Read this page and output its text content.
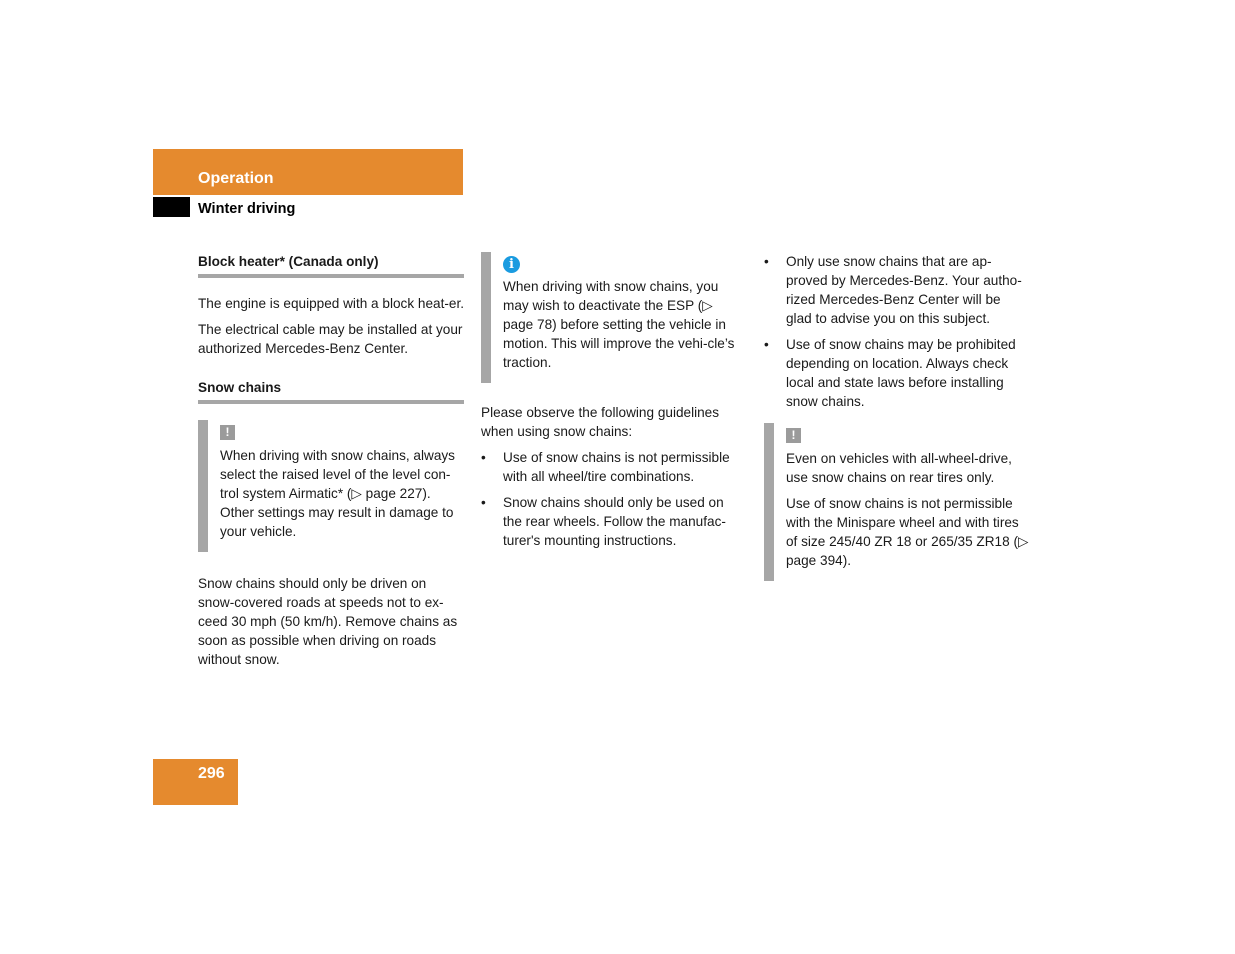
Operation
Winter driving
Block heater* (Canada only)

The engine is equipped with a block heat-er.

The electrical cable may be installed at your authorized Mercedes-Benz Center.

Snow chains
!

When driving with snow chains, always select the raised level of the level con-trol system Airmatic* (▷ page 227). Other settings may result in damage to your vehicle.

Snow chains should only be driven on snow-covered roads at speeds not to ex-ceed 30 mph (50 km/h). Remove chains as soon as possible when driving on roads without snow.

i

When driving with snow chains, you may wish to deactivate the ESP (▷ page 78) before setting the vehicle in motion. This will improve the vehi-cle’s traction.

Please observe the following guidelines when using snow chains:

• Use of snow chains is not permissible with all wheel/tire combinations.
• Snow chains should only be used on the rear wheels. Follow the manufac-turer's mounting instructions.
• Only use snow chains that are ap-proved by Mercedes-Benz. Your autho-rized Mercedes-Benz Center will be glad to advise you on this subject.
• Use of snow chains may be prohibited depending on location. Always check local and state laws before installing snow chains.
!

Even on vehicles with all-wheel-drive, use snow chains on rear tires only.

Use of snow chains is not permissible with the Minispare wheel and with tires of size 245/40 ZR 18 or 265/35 ZR18 (▷ page 394).

296
